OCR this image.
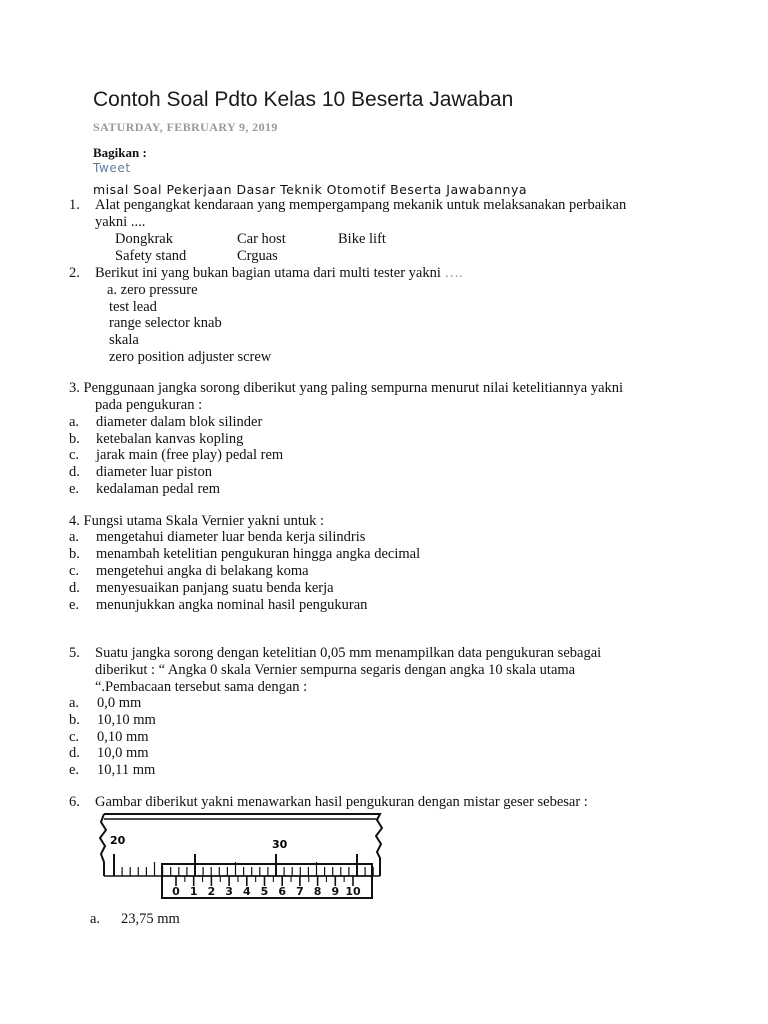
Contoh Soal Pdto Kelas 10 Beserta Jawaban
SATURDAY, FEBRUARY 9, 2019
Bagikan :
Tweet
misal Soal Pekerjaan Dasar Teknik Otomotif Beserta Jawabannya
1. Alat pengangkat kendaraan yang mempergampang mekanik untuk melaksanakan perbaikan
yakni ....
Dongkrak	Car host	Bike lift
Safety stand	Crguas
2. Berikut ini yang bukan bagian utama dari multi tester yakni ….
a. zero pressure
test lead
range selector knab
skala
zero position adjuster screw
3. Penggunaan jangka sorong diberikut yang paling sempurna menurut nilai ketelitiannya yakni
pada pengukuran :
a. diameter dalam blok silinder
b. ketebalan kanvas kopling
c. jarak main (free play) pedal rem
d. diameter luar piston
e. kedalaman pedal rem
4. Fungsi utama Skala Vernier yakni untuk :
a. mengetahui diameter luar benda kerja silindris
b. menambah ketelitian pengukuran hingga angka decimal
c. mengetehui angka di belakang koma
d. menyesuaikan panjang suatu benda kerja
e. menunjukkan angka nominal hasil pengukuran
5. Suatu jangka sorong dengan ketelitian 0,05 mm menampilkan data pengukuran sebagai
diberikut : “ Angka 0 skala Vernier sempurna segaris dengan angka 10 skala utama
“.Pembacaan tersebut sama dengan :
a. 0,0 mm
b. 10,10 mm
c. 0,10 mm
d. 10,0 mm
e. 10,11 mm
6. Gambar diberikut yakni menawarkan hasil pengukuran dengan mistar geser sebesar :
0 1 2 3 4 5 6 7 8 9 10
20	30
a. 23,75 mm
